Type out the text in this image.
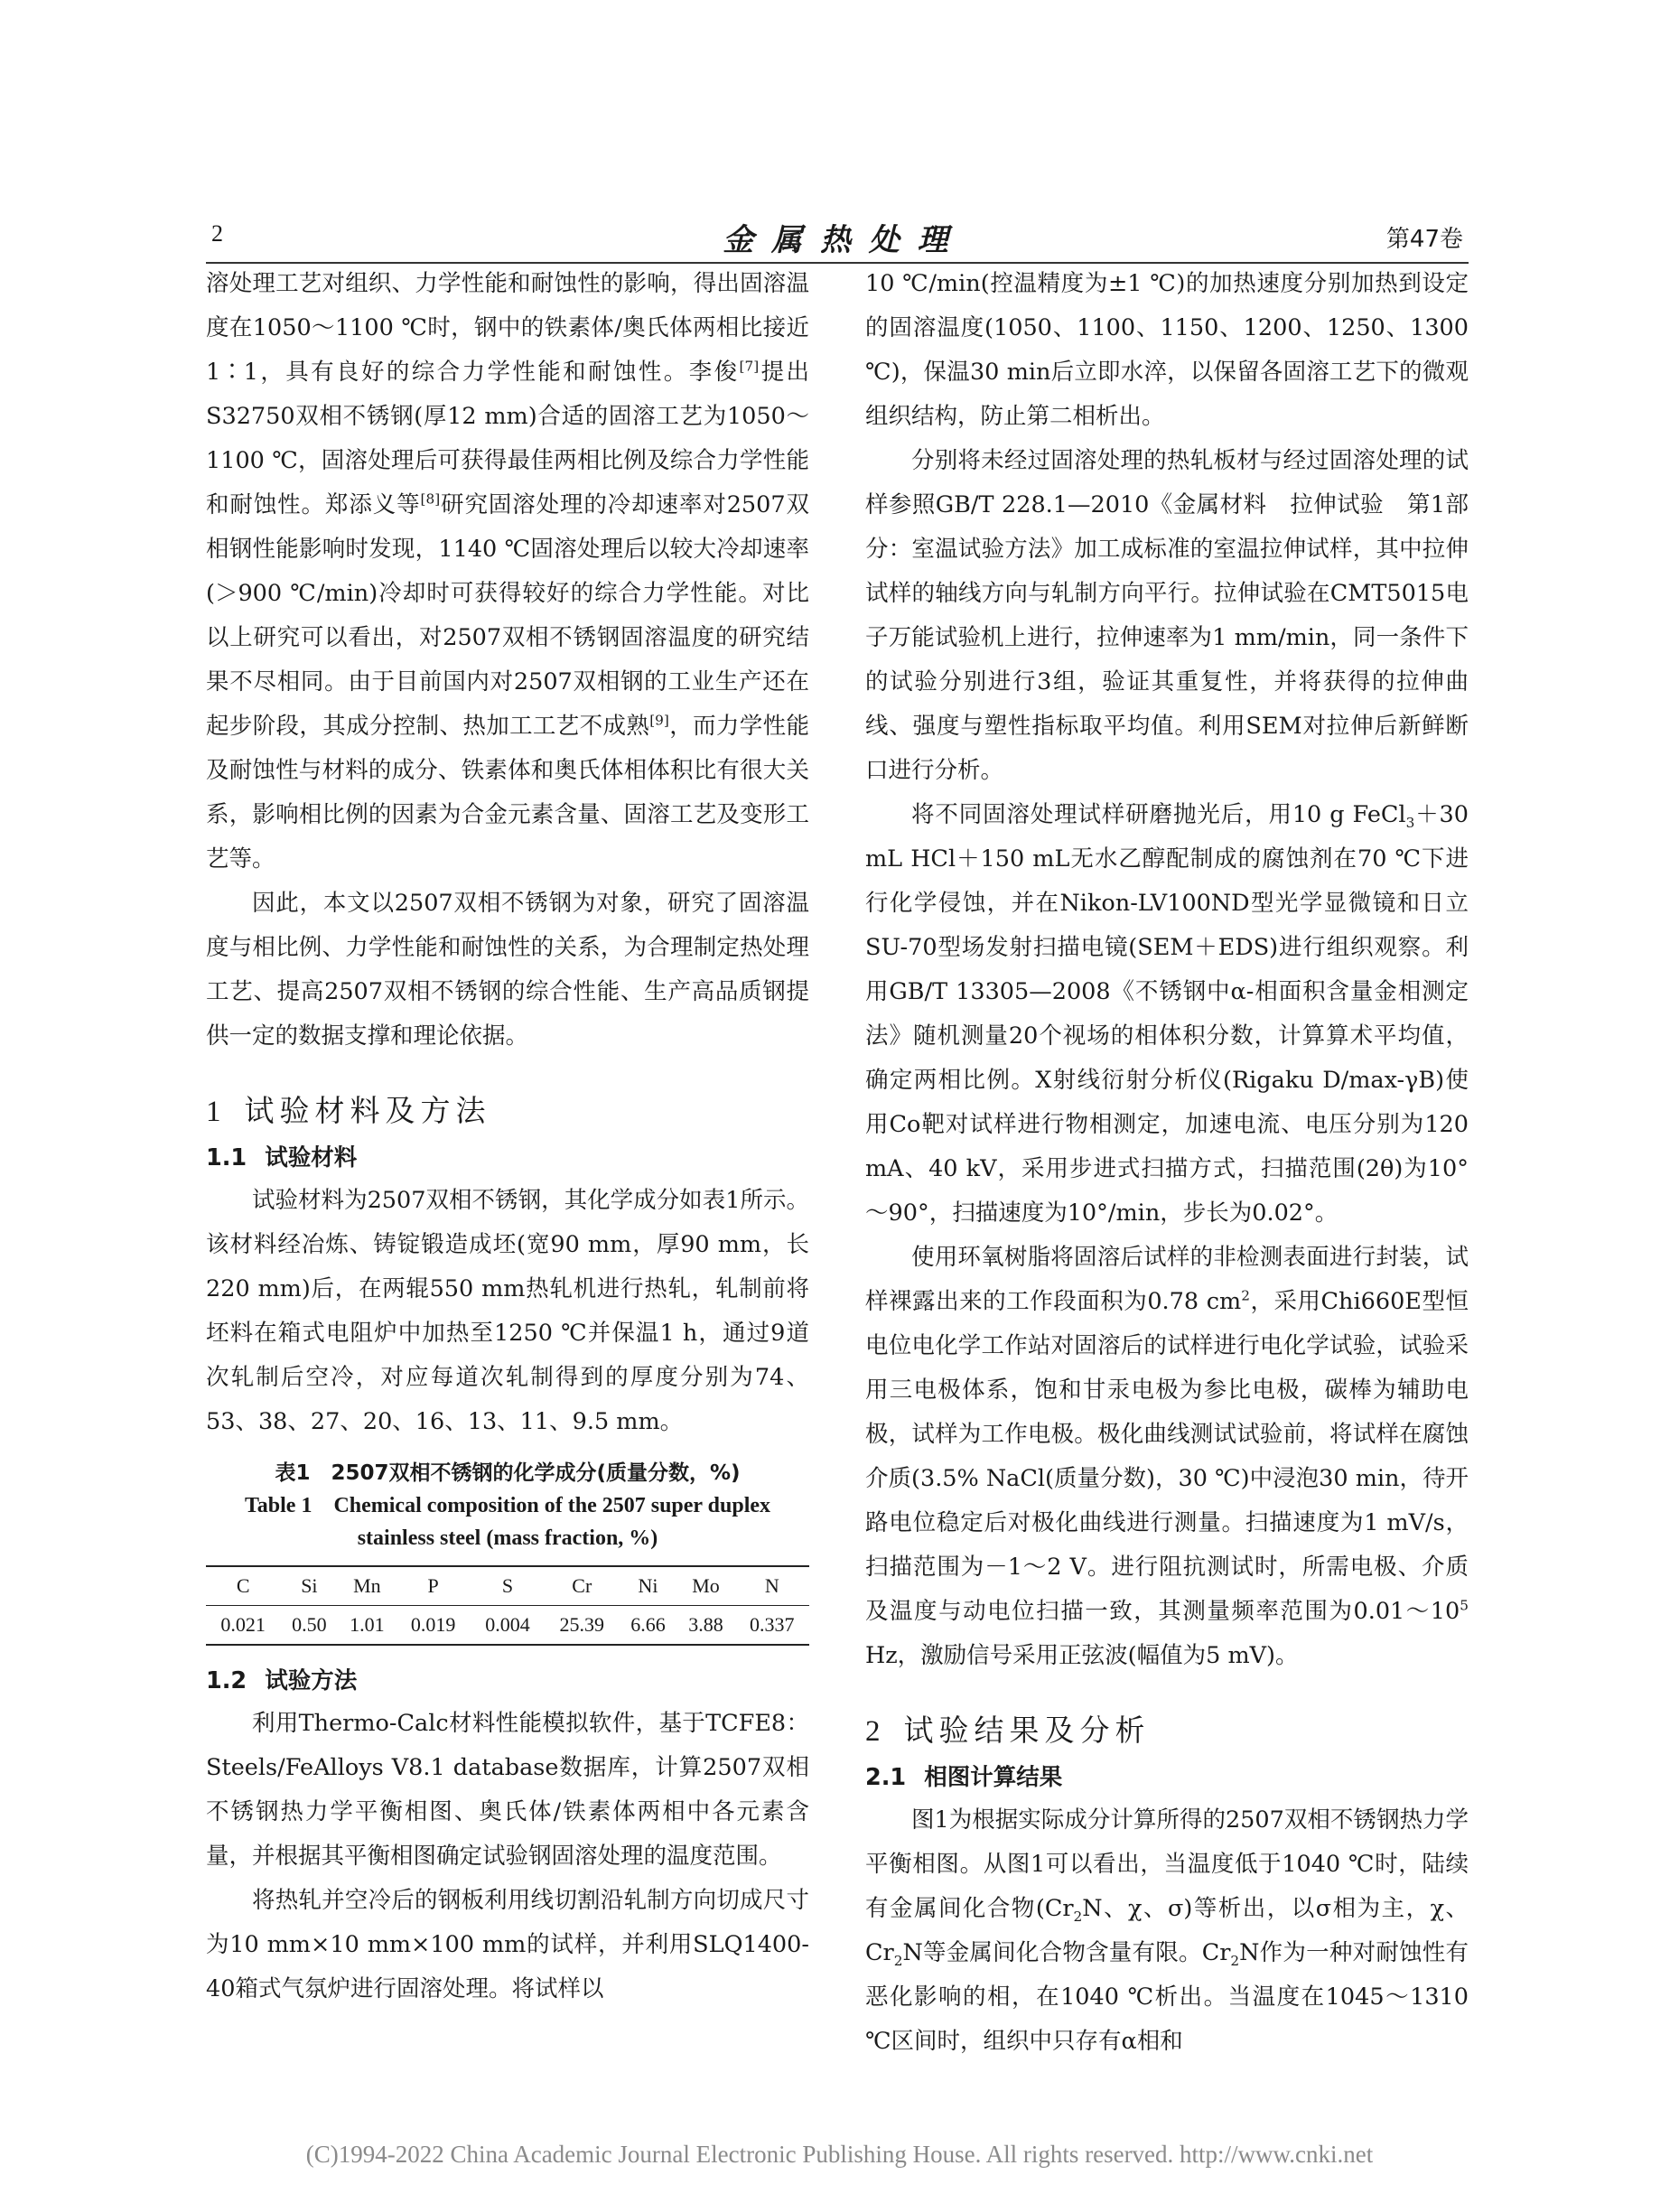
2	金 属 热 处 理	第47卷

溶处理工艺对组织、力学性能和耐蚀性的影响，得出固溶温度在1050～1100 ℃时，钢中的铁素体/奥氏体两相比接近1∶1，具有良好的综合力学性能和耐蚀性。李俊[7]提出S32750双相不锈钢(厚12 mm)合适的固溶工艺为1050～1100 ℃，固溶处理后可获得最佳两相比例及综合力学性能和耐蚀性。郑添义等[8]研究固溶处理的冷却速率对2507双相钢性能影响时发现，1140 ℃固溶处理后以较大冷却速率(＞900 ℃/min)冷却时可获得较好的综合力学性能。对比以上研究可以看出，对2507双相不锈钢固溶温度的研究结果不尽相同。由于目前国内对2507双相钢的工业生产还在起步阶段，其成分控制、热加工工艺不成熟[9]，而力学性能及耐蚀性与材料的成分、铁素体和奥氏体相体积比有很大关系，影响相比例的因素为合金元素含量、固溶工艺及变形工艺等。

因此，本文以2507双相不锈钢为对象，研究了固溶温度与相比例、力学性能和耐蚀性的关系，为合理制定热处理工艺、提高2507双相不锈钢的综合性能、生产高品质钢提供一定的数据支撑和理论依据。

1 试验材料及方法
1.1 试验材料

试验材料为2507双相不锈钢，其化学成分如表1所示。该材料经冶炼、铸锭锻造成坯(宽90 mm，厚90 mm，长220 mm)后，在两辊550 mm热轧机进行热轧，轧制前将坯料在箱式电阻炉中加热至1250 ℃并保温1 h，通过9道次轧制后空冷，对应每道次轧制得到的厚度分别为74、53、38、27、20、16、13、11、9.5 mm。

表1　2507双相不锈钢的化学成分(质量分数，%)
Table 1　Chemical composition of the 2507 super duplex
stainless steel (mass fraction, %)
C	Si	Mn	P	S	Cr	Ni	Mo	N
0.021	0.50	1.01	0.019	0.004	25.39	6.66	3.88	0.337
1.2 试验方法

利用Thermo-Calc材料性能模拟软件，基于TCFE8：Steels/FeAlloys V8.1 database数据库，计算2507双相不锈钢热力学平衡相图、奥氏体/铁素体两相中各元素含量，并根据其平衡相图确定试验钢固溶处理的温度范围。

将热轧并空冷后的钢板利用线切割沿轧制方向切成尺寸为10 mm×10 mm×100 mm的试样，并利用SLQ1400-40箱式气氛炉进行固溶处理。将试样以

10 ℃/min(控温精度为±1 ℃)的加热速度分别加热到设定的固溶温度(1050、1100、1150、1200、1250、1300 ℃)，保温30 min后立即水淬，以保留各固溶工艺下的微观组织结构，防止第二相析出。

分别将未经过固溶处理的热轧板材与经过固溶处理的试样参照GB/T 228.1—2010《金属材料　拉伸试验　第1部分：室温试验方法》加工成标准的室温拉伸试样，其中拉伸试样的轴线方向与轧制方向平行。拉伸试验在CMT5015电子万能试验机上进行，拉伸速率为1 mm/min，同一条件下的试验分别进行3组，验证其重复性，并将获得的拉伸曲线、强度与塑性指标取平均值。利用SEM对拉伸后新鲜断口进行分析。

将不同固溶处理试样研磨抛光后，用10 g FeCl$_3$＋30 mL HCl＋150 mL无水乙醇配制成的腐蚀剂在70 ℃下进行化学侵蚀，并在Nikon-LV100ND型光学显微镜和日立SU-70型场发射扫描电镜(SEM＋EDS)进行组织观察。利用GB/T 13305—2008《不锈钢中α-相面积含量金相测定法》随机测量20个视场的相体积分数，计算算术平均值，确定两相比例。X射线衍射分析仪(Rigaku D/max-γB)使用Co靶对试样进行物相测定，加速电流、电压分别为120 mA、40 kV，采用步进式扫描方式，扫描范围(2θ)为10°～90°，扫描速度为10°/min，步长为0.02°。

使用环氧树脂将固溶后试样的非检测表面进行封装，试样裸露出来的工作段面积为0.78 $cm^2$，采用Chi660E型恒电位电化学工作站对固溶后的试样进行电化学试验，试验采用三电极体系，饱和甘汞电极为参比电极，碳棒为辅助电极，试样为工作电极。极化曲线测试试验前，将试样在腐蚀介质(3.5% NaCl(质量分数)，30 ℃)中浸泡30 min，待开路电位稳定后对极化曲线进行测量。扫描速度为1 mV/s，扫描范围为－1～2 V。进行阻抗测试时，所需电极、介质及温度与动电位扫描一致，其测量频率范围为$0.01\sim 10^5$ Hz，激励信号采用正弦波(幅值为5 mV)。

2 试验结果及分析
2.1 相图计算结果

图1为根据实际成分计算所得的2507双相不锈钢热力学平衡相图。从图1可以看出，当温度低于1040 ℃时，陆续有金属间化合物($Cr_2N$、χ、σ)等析出，以σ相为主，χ、$Cr_2N$等金属间化合物含量有限。$Cr_2N$作为一种对耐蚀性有恶化影响的相，在1040 ℃析出。当温度在1045～1310 ℃区间时，组织中只存有α相和

(C)1994-2022 China Academic Journal Electronic Publishing House. All rights reserved. http://www.cnki.net
